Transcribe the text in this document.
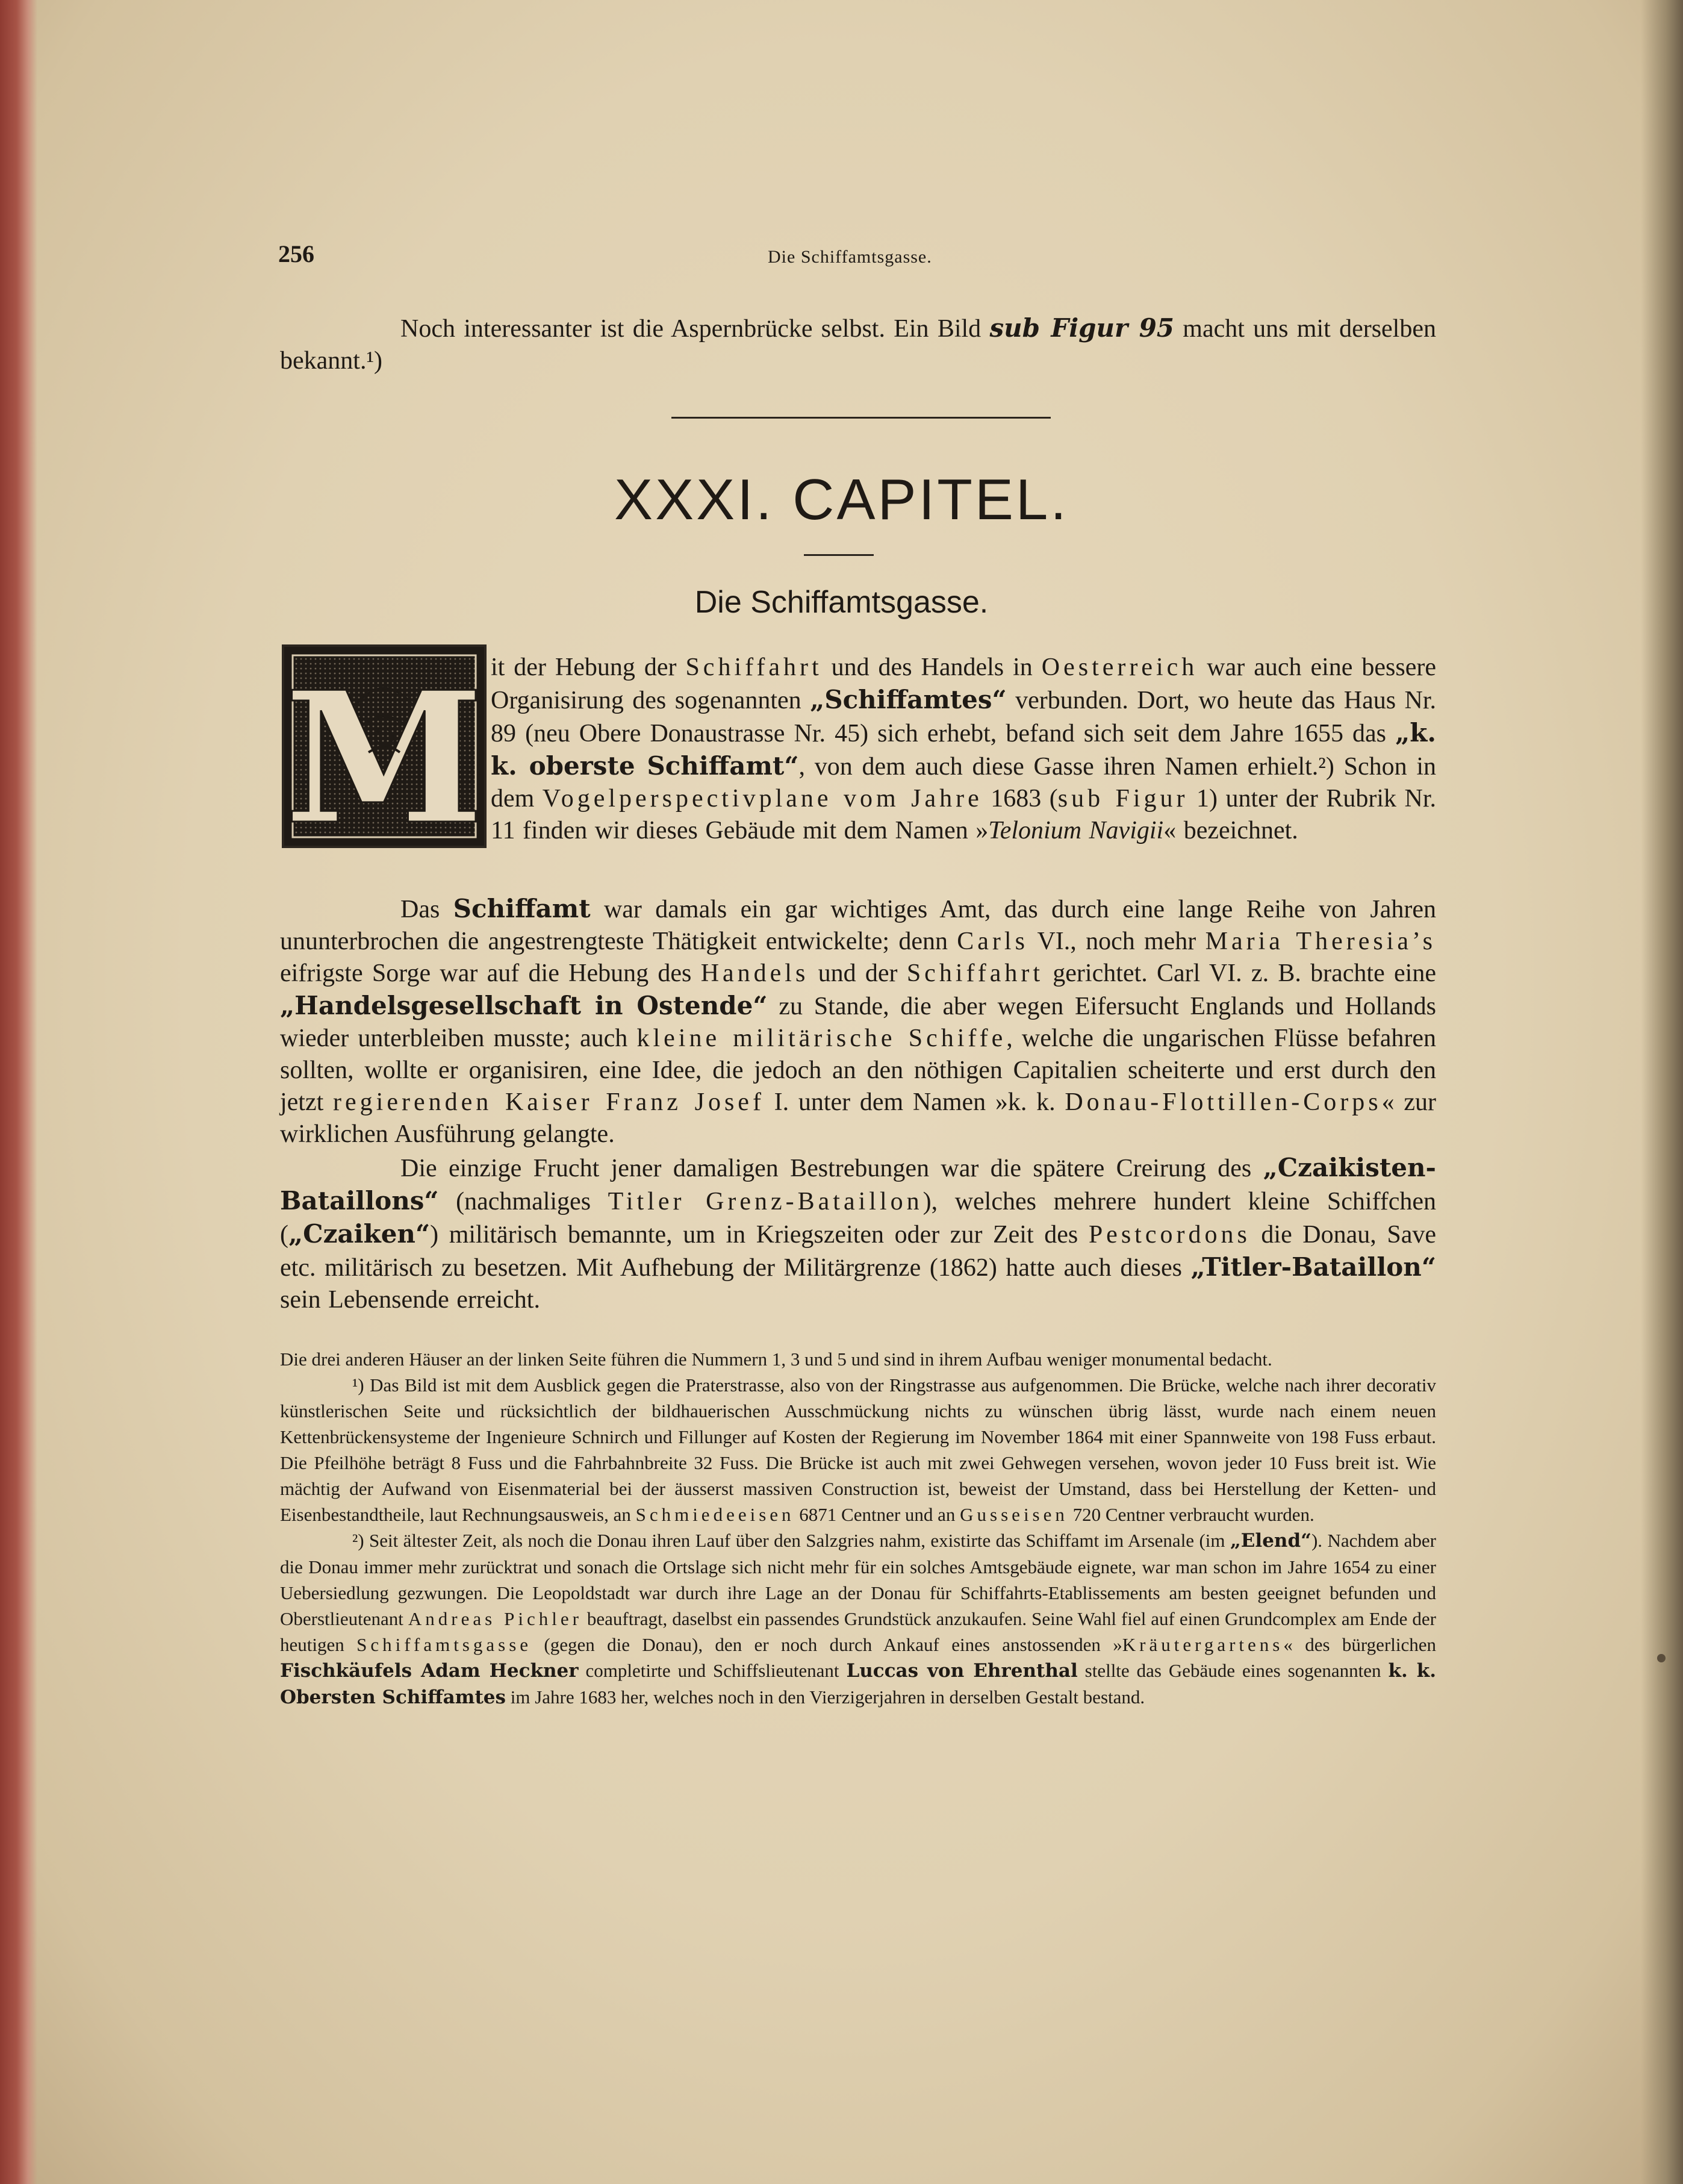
256	Die Schiffamtsgasse.
Noch interessanter ist die Aspernbrücke selbst. Ein Bild sub Figur 95 macht uns mit derselben bekannt.¹)
XXXI. CAPITEL.
Die Schiffamtsgasse.
M it der Hebung der Schiffahrt und des Handels in Oesterreich war auch eine bessere Organisirung des sogenannten „Schiffamtes“ verbunden. Dort, wo heute das Haus Nr. 89 (neu Obere Donaustrasse Nr. 45) sich erhebt, befand sich seit dem Jahre 1655 das „k. k. oberste Schiffamt“, von dem auch diese Gasse ihren Namen erhielt.²) Schon in dem Vogelperspectivplane vom Jahre 1683 (sub Figur 1) unter der Rubrik Nr. 11 finden wir dieses Gebäude mit dem Namen »Telonium Navigii« bezeichnet.
Das Schiffamt war damals ein gar wichtiges Amt, das durch eine lange Reihe von Jahren ununterbrochen die angestrengteste Thätigkeit entwickelte; denn Carls VI., noch mehr Maria Theresia’s eifrigste Sorge war auf die Hebung des Handels und der Schiffahrt gerichtet. Carl VI. z. B. brachte eine „Handelsgesellschaft in Ostende“ zu Stande, die aber wegen Eifersucht Englands und Hollands wieder unterbleiben musste; auch kleine militärische Schiffe, welche die ungarischen Flüsse befahren sollten, wollte er organisiren, eine Idee, die jedoch an den nöthigen Capitalien scheiterte und erst durch den jetzt regierenden Kaiser Franz Josef I. unter dem Namen »k. k. Donau-Flottillen-Corps« zur wirklichen Ausführung gelangte.
Die einzige Frucht jener damaligen Bestrebungen war die spätere Creirung des „Czaikisten-Bataillons“ (nachmaliges Titler Grenz-Bataillon), welches mehrere hundert kleine Schiffchen („Czaiken“) militärisch bemannte, um in Kriegszeiten oder zur Zeit des Pestcordons die Donau, Save etc. militärisch zu besetzen. Mit Aufhebung der Militärgrenze (1862) hatte auch dieses „Titler-Bataillon“ sein Lebensende erreicht.

Die drei anderen Häuser an der linken Seite führen die Nummern 1, 3 und 5 und sind in ihrem Aufbau weniger monumental bedacht.

¹) Das Bild ist mit dem Ausblick gegen die Praterstrasse, also von der Ringstrasse aus aufgenommen. Die Brücke, welche nach ihrer decorativ künstlerischen Seite und rücksichtlich der bildhauerischen Ausschmückung nichts zu wünschen übrig lässt, wurde nach einem neuen Kettenbrückensysteme der Ingenieure Schnirch und Fillunger auf Kosten der Regierung im November 1864 mit einer Spannweite von 198 Fuss erbaut. Die Pfeilhöhe beträgt 8 Fuss und die Fahrbahnbreite 32 Fuss. Die Brücke ist auch mit zwei Gehwegen versehen, wovon jeder 10 Fuss breit ist. Wie mächtig der Aufwand von Eisenmaterial bei der äusserst massiven Construction ist, beweist der Umstand, dass bei Herstellung der Ketten- und Eisenbestandtheile, laut Rechnungsausweis, an Schmiedeeisen 6871 Centner und an Gusseisen 720 Centner verbraucht wurden.

²) Seit ältester Zeit, als noch die Donau ihren Lauf über den Salzgries nahm, existirte das Schiffamt im Arsenale (im „Elend“). Nachdem aber die Donau immer mehr zurücktrat und sonach die Ortslage sich nicht mehr für ein solches Amtsgebäude eignete, war man schon im Jahre 1654 zu einer Uebersiedlung gezwungen. Die Leopoldstadt war durch ihre Lage an der Donau für Schiffahrts-Etablissements am besten geeignet befunden und Oberstlieutenant Andreas Pichler beauftragt, daselbst ein passendes Grundstück anzukaufen. Seine Wahl fiel auf einen Grundcomplex am Ende der heutigen Schiffamtsgasse (gegen die Donau), den er noch durch Ankauf eines anstossenden »Kräutergartens« des bürgerlichen Fischkäufels Adam Heckner completirte und Schiffslieutenant Luccas von Ehrenthal stellte das Gebäude eines sogenannten k. k. Obersten Schiffamtes im Jahre 1683 her, welches noch in den Vierzigerjahren in derselben Gestalt bestand.
